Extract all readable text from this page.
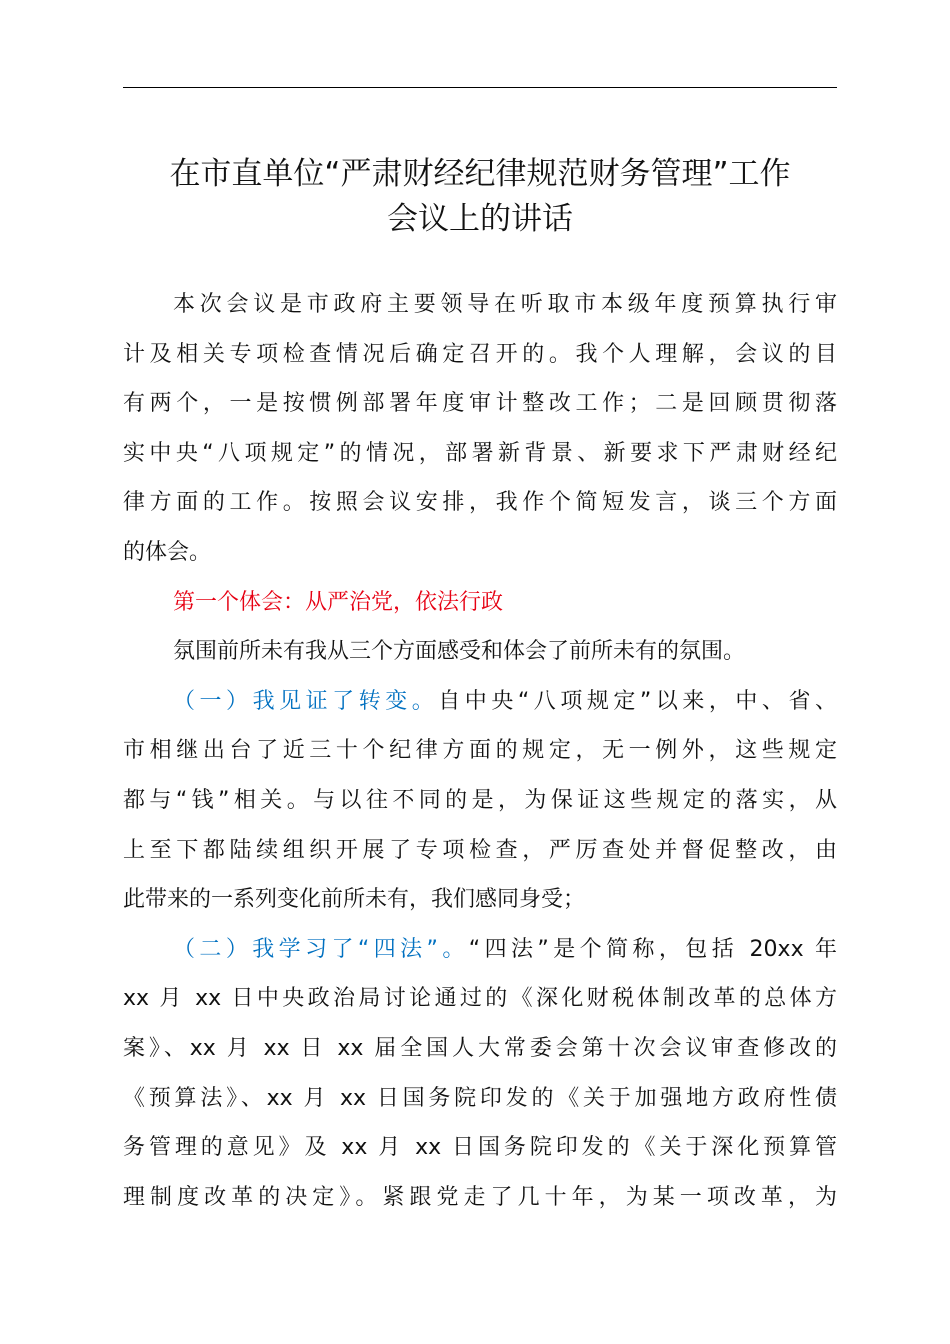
在市直单位“严肃财经纪律规范财务管理”工作
会议上的讲话
本次会议是市政府主要领导在听取市本级年度预算执行审
计及相关专项检查情况后确定召开的。我个人理解，会议的目
有两个，一是按惯例部署年度审计整改工作；二是回顾贯彻落
实中央“八项规定”的情况，部署新背景、新要求下严肃财经纪
律方面的工作。按照会议安排，我作个简短发言，谈三个方面
的体会。
第一个体会：从严治党，依法行政
氛围前所未有我从三个方面感受和体会了前所未有的氛围。
（一）我见证了转变。自中央“八项规定”以来，中、省、
市相继出台了近三十个纪律方面的规定，无一例外，这些规定
都与“钱”相关。与以往不同的是，为保证这些规定的落实，从
上至下都陆续组织开展了专项检查，严厉查处并督促整改，由
此带来的一系列变化前所未有，我们感同身受；
（二）我学习了“四法”。“四法”是个简称，包括 20xx 年
xx 月 xx 日中央政治局讨论通过的《深化财税体制改革的总体方
案》、xx 月 xx 日 xx 届全国人大常委会第十次会议审查修改的
《预算法》、xx 月 xx 日国务院印发的《关于加强地方政府性债
务管理的意见》及 xx 月 xx 日国务院印发的《关于深化预算管
理制度改革的决定》。紧跟党走了几十年，为某一项改革，为
